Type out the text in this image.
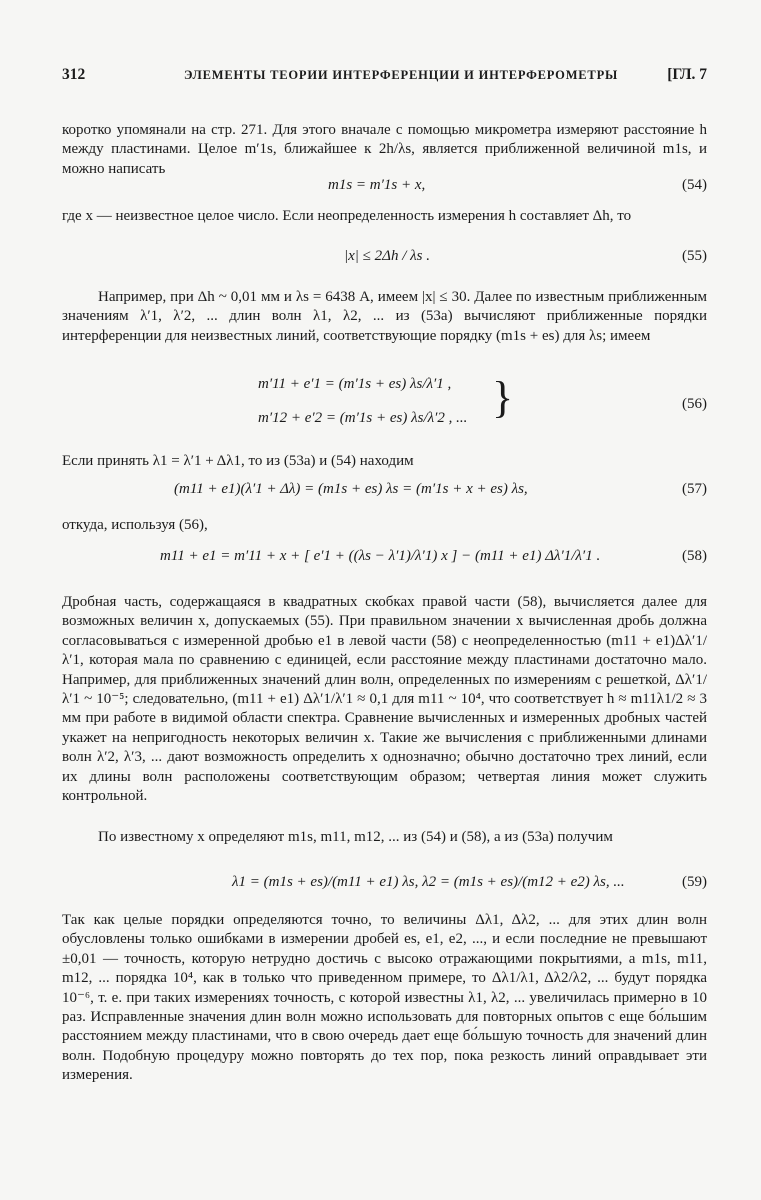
312	ЭЛЕМЕНТЫ ТЕОРИИ ИНТЕРФЕРЕНЦИИ И ИНТЕРФЕРОМЕТРЫ	[ГЛ. 7
коротко упомянали на стр. 271. Для этого вначале с помощью микрометра измеряют расстояние h между пластинами. Целое m′1s, ближайшее к 2h/λs, является приближенной величиной m1s, и можно написать
m1s = m′1s + x,	(54)
где x — неизвестное целое число. Если неопределенность измерения h составляет Δh, то
|x| ≤ 2Δh / λs .	(55)
Например, при Δh ~ 0,01 мм и λs = 6438 А, имеем |x| ≤ 30. Далее по известным приближенным значениям λ′1, λ′2, ... длин волн λ1, λ2, ... из (53а) вычисляют приближенные порядки интерференции для неизвестных линий, соответствующие порядку (m1s + es) для λs; имеем
m′11 + e′1 = (m′1s + es) λs/λ′1 ,
m′12 + e′2 = (m′1s + es) λs/λ′2 , ... }	(56)
Если принять λ1 = λ′1 + Δλ1, то из (53а) и (54) находим
(m11 + e1)(λ′1 + Δλ) = (m1s + es) λs = (m′1s + x + es) λs,	(57)
откуда, используя (56),
m11 + e1 = m′11 + x + [ e′1 + ((λs − λ′1)/λ′1) x ] − (m11 + e1) Δλ′1/λ′1 .	(58)
Дробная часть, содержащаяся в квадратных скобках правой части (58), вычисляется далее для возможных величин x, допускаемых (55). При правильном значении x вычисленная дробь должна согласовываться с измеренной дробью e1 в левой части (58) с неопределенностью (m11 + e1)Δλ′1/λ′1, которая мала по сравнению с единицей, если расстояние между пластинами достаточно мало. Например, для приближенных значений длин волн, определенных по измерениям с решеткой, Δλ′1/λ′1 ~ 10⁻⁵; следовательно, (m11 + e1) Δλ′1/λ′1 ≈ 0,1 для m11 ~ 10⁴, что соответствует h ≈ m11λ1/2 ≈ 3 мм при работе в видимой области спектра. Сравнение вычисленных и измеренных дробных частей укажет на непригодность некоторых величин x. Такие же вычисления с приближенными длинами волн λ′2, λ′3, ... дают возможность определить x однозначно; обычно достаточно трех линий, если их длины волн расположены соответствующим образом; четвертая линия может служить контрольной.
По известному x определяют m1s, m11, m12, ... из (54) и (58), а из (53а) получим
λ1 = (m1s + es)/(m11 + e1) λs, λ2 = (m1s + es)/(m12 + e2) λs, ...	(59)
Так как целые порядки определяются точно, то величины Δλ1, Δλ2, ... для этих длин волн обусловлены только ошибками в измерении дробей es, e1, e2, ..., и если последние не превышают ±0,01 — точность, которую нетрудно достичь с высоко отражающими покрытиями, а m1s, m11, m12, ... порядка 10⁴, как в только что приведенном примере, то Δλ1/λ1, Δλ2/λ2, ... будут порядка 10⁻⁶, т. е. при таких измерениях точность, с которой известны λ1, λ2, ... увеличилась примерно в 10 раз. Исправленные значения длин волн можно использовать для повторных опытов с еще бо́льшим расстоянием между пластинами, что в свою очередь дает еще бо́льшую точность для значений длин волн. Подобную процедуру можно повторять до тех пор, пока резкость линий оправдывает эти измерения.
